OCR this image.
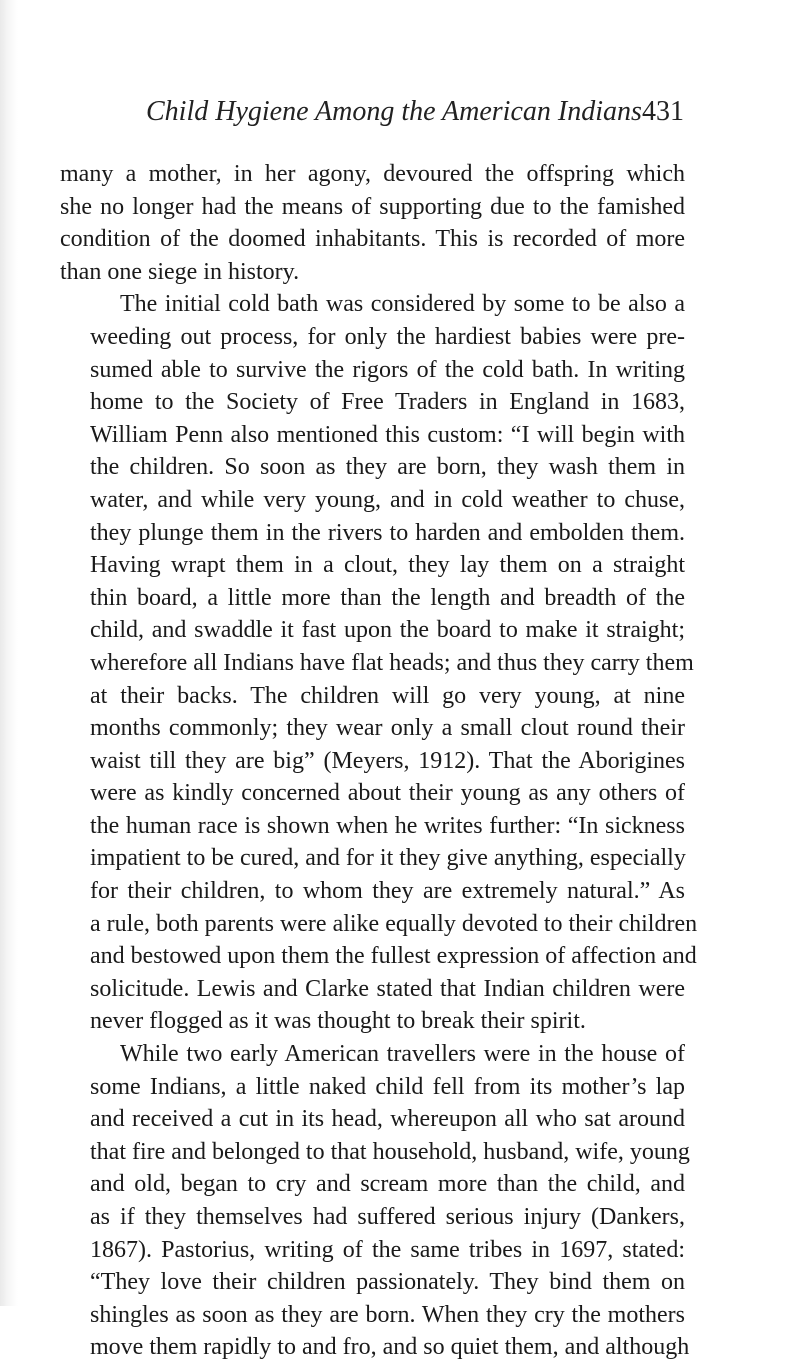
Child Hygiene Among the American Indians 431
many a mother, in her agony, devoured the offspring which
she no longer had the means of supporting due to the famished
condition of the doomed inhabitants. This is recorded of more
than one siege in history.
The initial cold bath was considered by some to be also a
weeding out process, for only the hardiest babies were pre-
sumed able to survive the rigors of the cold bath. In writing
home to the Society of Free Traders in England in 1683,
William Penn also mentioned this custom: “I will begin with
the children. So soon as they are born, they wash them in
water, and while very young, and in cold weather to chuse,
they plunge them in the rivers to harden and embolden them.
Having wrapt them in a clout, they lay them on a straight
thin board, a little more than the length and breadth of the
child, and swaddle it fast upon the board to make it straight;
wherefore all Indians have flat heads; and thus they carry them
at their backs. The children will go very young, at nine
months commonly; they wear only a small clout round their
waist till they are big” (Meyers, 1912). That the Aborigines
were as kindly concerned about their young as any others of
the human race is shown when he writes further: “In sickness
impatient to be cured, and for it they give anything, especially
for their children, to whom they are extremely natural.” As
a rule, both parents were alike equally devoted to their children
and bestowed upon them the fullest expression of affection and
solicitude. Lewis and Clarke stated that Indian children were
never flogged as it was thought to break their spirit.
While two early American travellers were in the house of
some Indians, a little naked child fell from its mother’s lap
and received a cut in its head, whereupon all who sat around
that fire and belonged to that household, husband, wife, young
and old, began to cry and scream more than the child, and
as if they themselves had suffered serious injury (Dankers,
1867). Pastorius, writing of the same tribes in 1697, stated:
“They love their children passionately. They bind them on
shingles as soon as they are born. When they cry the mothers
move them rapidly to and fro, and so quiet them, and although
